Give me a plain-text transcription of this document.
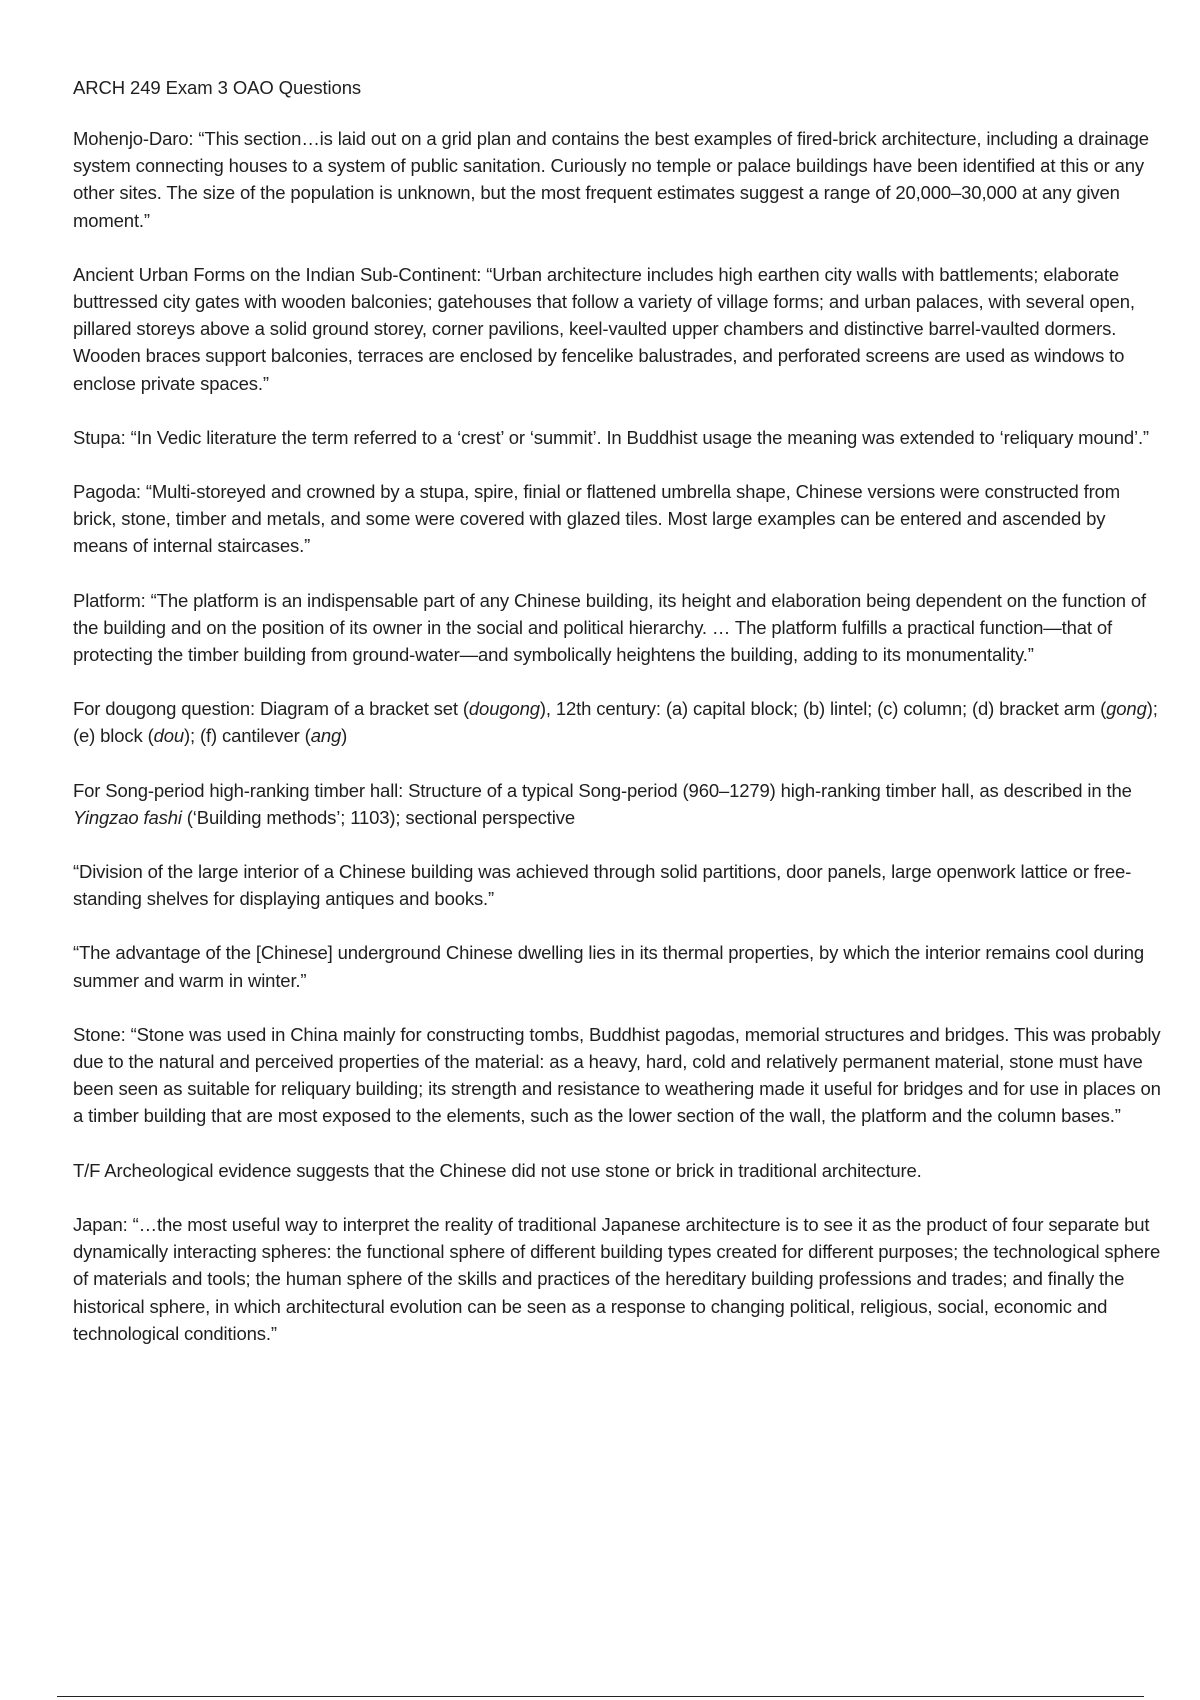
ARCH 249 Exam 3 OAO Questions

Mohenjo-Daro: “This section…is laid out on a grid plan and contains the best examples of fired-brick architecture, including a drainage system connecting houses to a system of public sanitation. Curiously no temple or palace buildings have been identified at this or any other sites. The size of the population is unknown, but the most frequent estimates suggest a range of 20,000–30,000 at any given moment.”

Ancient Urban Forms on the Indian Sub-Continent: “Urban architecture includes high earthen city walls with battlements; elaborate buttressed city gates with wooden balconies; gatehouses that follow a variety of village forms; and urban palaces, with several open, pillared storeys above a solid ground storey, corner pavilions, keel-vaulted upper chambers and distinctive barrel-vaulted dormers. Wooden braces support balconies, terraces are enclosed by fencelike balustrades, and perforated screens are used as windows to enclose private spaces.”

Stupa: “In Vedic literature the term referred to a ‘crest’ or ‘summit’. In Buddhist usage the meaning was extended to ‘reliquary mound’.”

Pagoda: “Multi-storeyed and crowned by a stupa, spire, finial or flattened umbrella shape, Chinese versions were constructed from brick, stone, timber and metals, and some were covered with glazed tiles. Most large examples can be entered and ascended by means of internal staircases.”

Platform: “The platform is an indispensable part of any Chinese building, its height and elaboration being dependent on the function of the building and on the position of its owner in the social and political hierarchy. … The platform fulfills a practical function—that of protecting the timber building from ground-water—and symbolically heightens the building, adding to its monumentality.”

For dougong question: Diagram of a bracket set (dougong), 12th century: (a) capital block; (b) lintel; (c) column; (d) bracket arm (gong); (e) block (dou); (f) cantilever (ang)

For Song-period high-ranking timber hall: Structure of a typical Song-period (960–1279) high-ranking timber hall, as described in the Yingzao fashi (‘Building methods’; 1103); sectional perspective

“Division of the large interior of a Chinese building was achieved through solid partitions, door panels, large openwork lattice or free-standing shelves for displaying antiques and books.”

“The advantage of the [Chinese] underground Chinese dwelling lies in its thermal properties, by which the interior remains cool during summer and warm in winter.”

Stone: “Stone was used in China mainly for constructing tombs, Buddhist pagodas, memorial structures and bridges. This was probably due to the natural and perceived properties of the material: as a heavy, hard, cold and relatively permanent material, stone must have been seen as suitable for reliquary building; its strength and resistance to weathering made it useful for bridges and for use in places on a timber building that are most exposed to the elements, such as the lower section of the wall, the platform and the column bases.”

T/F Archeological evidence suggests that the Chinese did not use stone or brick in traditional architecture.

Japan: “…the most useful way to interpret the reality of traditional Japanese architecture is to see it as the product of four separate but dynamically interacting spheres: the functional sphere of different building types created for different purposes; the technological sphere of materials and tools; the human sphere of the skills and practices of the hereditary building professions and trades; and finally the historical sphere, in which architectural evolution can be seen as a response to changing political, religious, social, economic and technological conditions.”
